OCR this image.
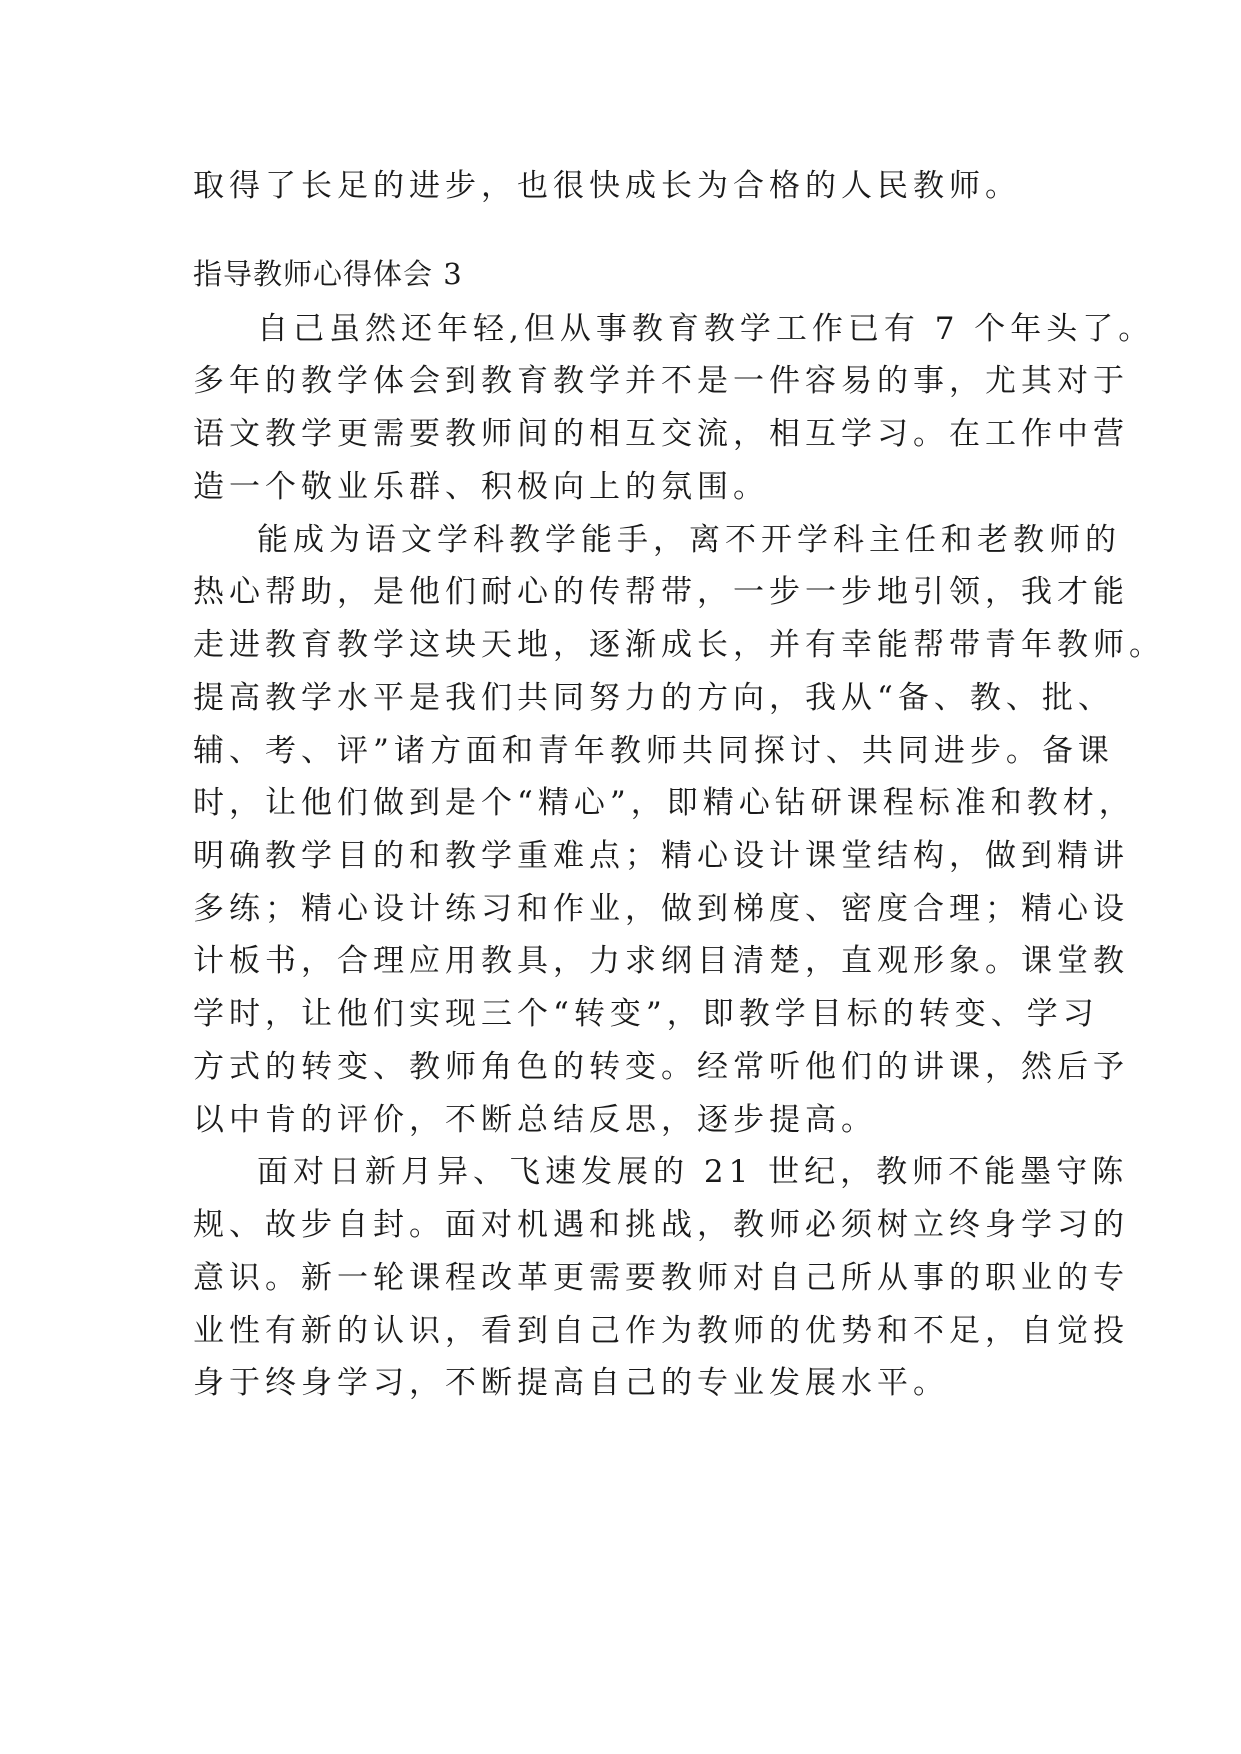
取得了长足的进步，也很快成长为合格的人民教师。
指导教师心得体会 3
自己虽然还年轻,但从事教育教学工作已有 7 个年头了。
多年的教学体会到教育教学并不是一件容易的事，尤其对于
语文教学更需要教师间的相互交流，相互学习。在工作中营
造一个敬业乐群、积极向上的氛围。
能成为语文学科教学能手，离不开学科主任和老教师的
热心帮助，是他们耐心的传帮带，一步一步地引领，我才能
走进教育教学这块天地，逐渐成长，并有幸能帮带青年教师。
提高教学水平是我们共同努力的方向，我从“备、教、批、
辅、考、评”诸方面和青年教师共同探讨、共同进步。备课
时，让他们做到是个“精心”，即精心钻研课程标准和教材，
明确教学目的和教学重难点；精心设计课堂结构，做到精讲
多练；精心设计练习和作业，做到梯度、密度合理；精心设
计板书，合理应用教具，力求纲目清楚，直观形象。课堂教
学时，让他们实现三个“转变”，即教学目标的转变、学习
方式的转变、教师角色的转变。经常听他们的讲课，然后予
以中肯的评价，不断总结反思，逐步提高。
面对日新月异、飞速发展的 21 世纪，教师不能墨守陈
规、故步自封。面对机遇和挑战，教师必须树立终身学习的
意识。新一轮课程改革更需要教师对自己所从事的职业的专
业性有新的认识，看到自己作为教师的优势和不足，自觉投
身于终身学习，不断提高自己的专业发展水平。
